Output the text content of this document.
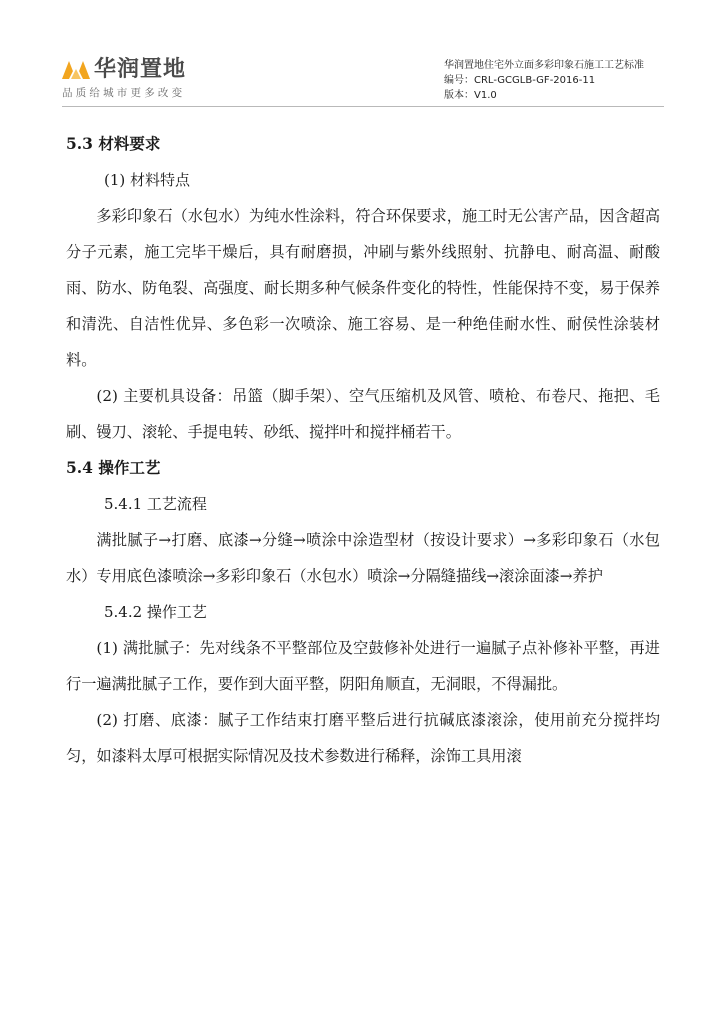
华润置地
品质给城市更多改变
华润置地住宅外立面多彩印象石施工工艺标准
编号：CRL-GCGLB-GF-2016-11
版本：V1.0

5.3 材料要求

(1) 材料特点

多彩印象石（水包水）为纯水性涂料，符合环保要求，施工时无公害产品，因含超高分子元素，施工完毕干燥后，具有耐磨损，冲刷与紫外线照射、抗静电、耐高温、耐酸雨、防水、防龟裂、高强度、耐长期多种气候条件变化的特性，性能保持不变，易于保养和清洗、自洁性优异、多色彩一次喷涂、施工容易、是一种绝佳耐水性、耐侯性涂装材料。

(2) 主要机具设备：吊篮（脚手架）、空气压缩机及风管、喷枪、布卷尺、拖把、毛刷、镘刀、滚轮、手提电转、砂纸、搅拌叶和搅拌桶若干。

5.4 操作工艺

5.4.1 工艺流程

满批腻子→打磨、底漆→分缝→喷涂中涂造型材（按设计要求）→多彩印象石（水包水）专用底色漆喷涂→多彩印象石（水包水）喷涂→分隔缝描线→滚涂面漆→养护

5.4.2 操作工艺

(1) 满批腻子：先对线条不平整部位及空鼓修补处进行一遍腻子点补修补平整，再进行一遍满批腻子工作，要作到大面平整，阴阳角顺直，无洞眼，不得漏批。

(2) 打磨、底漆：腻子工作结束打磨平整后进行抗碱底漆滚涂，使用前充分搅拌均匀，如漆料太厚可根据实际情况及技术参数进行稀释，涂饰工具用滚
